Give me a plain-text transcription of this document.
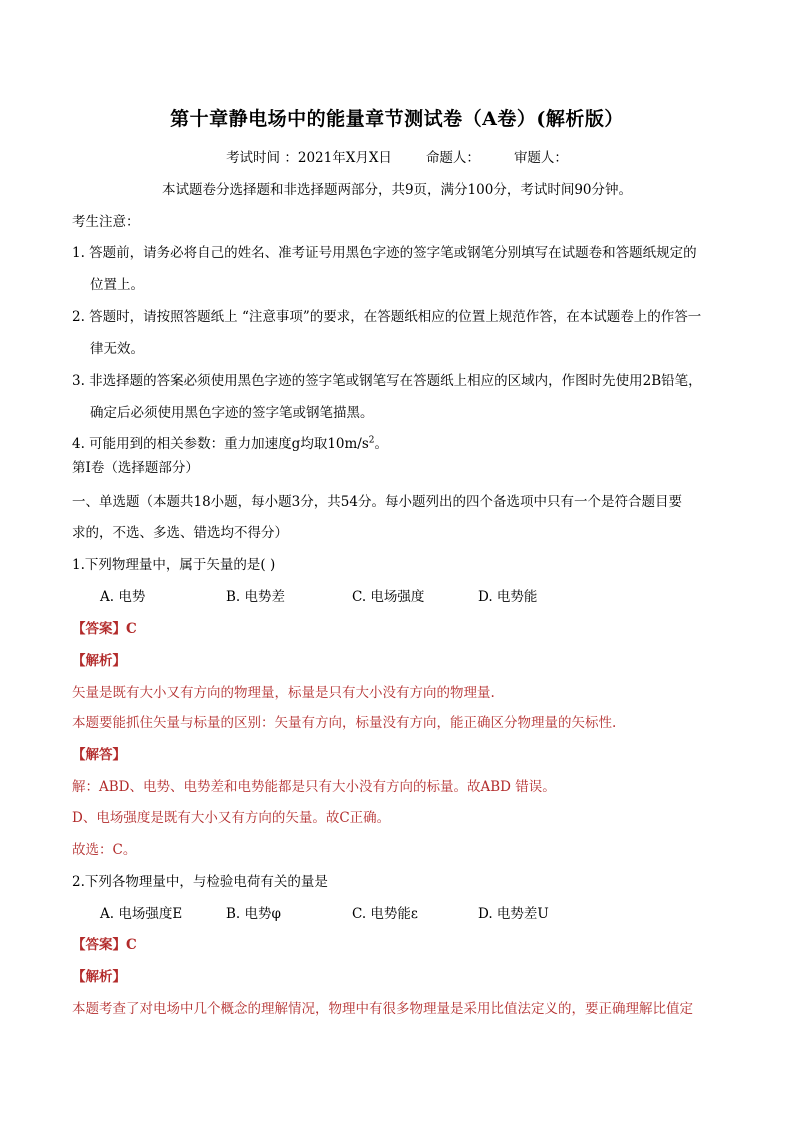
第十章静电场中的能量章节测试卷（A卷）(解析版）
考试时间 ：2021年X月X日	命题人：	审题人：
本试题卷分选择题和非选择题两部分，共9页，满分100分，考试时间90分钟。
考生注意：
1. 答题前，请务必将自己的姓名、准考证号用黑色字迹的签字笔或钢笔分别填写在试题卷和答题纸规定的
位置上。
2. 答题时，请按照答题纸上 “注意事项”的要求，在答题纸相应的位置上规范作答，在本试题卷上的作答一
律无效。
3. 非选择题的答案必须使用黑色字迹的签字笔或钢笔写在答题纸上相应的区域内，作图时先使用2B铅笔，
确定后必须使用黑色字迹的签字笔或钢笔描黑。
4. 可能用到的相关参数：重力加速度g均取$10m/s^2$。
第I卷（选择题部分）
一、单选题（本题共18小题，每小题3分，共54分。每小题列出的四个备选项中只有一个是符合题目要
求的，不选、多选、错选均不得分）
1.下列物理量中，属于矢量的是( )
A. 电势	B. 电势差	C. 电场强度	D. 电势能
【答案】C
【解析】
矢量是既有大小又有方向的物理量，标量是只有大小没有方向的物理量.
本题要能抓住矢量与标量的区别：矢量有方向，标量没有方向，能正确区分物理量的矢标性.
【解答】
解：ABD、电势、电势差和电势能都是只有大小没有方向的标量。故ABD 错误。
D、电场强度是既有大小又有方向的矢量。故C正确。
故选：C。
2.下列各物理量中，与检验电荷有关的量是
A. 电场强度E	B. 电势φ	C. 电势能ε	D. 电势差U
【答案】C
【解析】
本题考查了对电场中几个概念的理解情况，物理中有很多物理量是采用比值法定义的，要正确理解比值定
